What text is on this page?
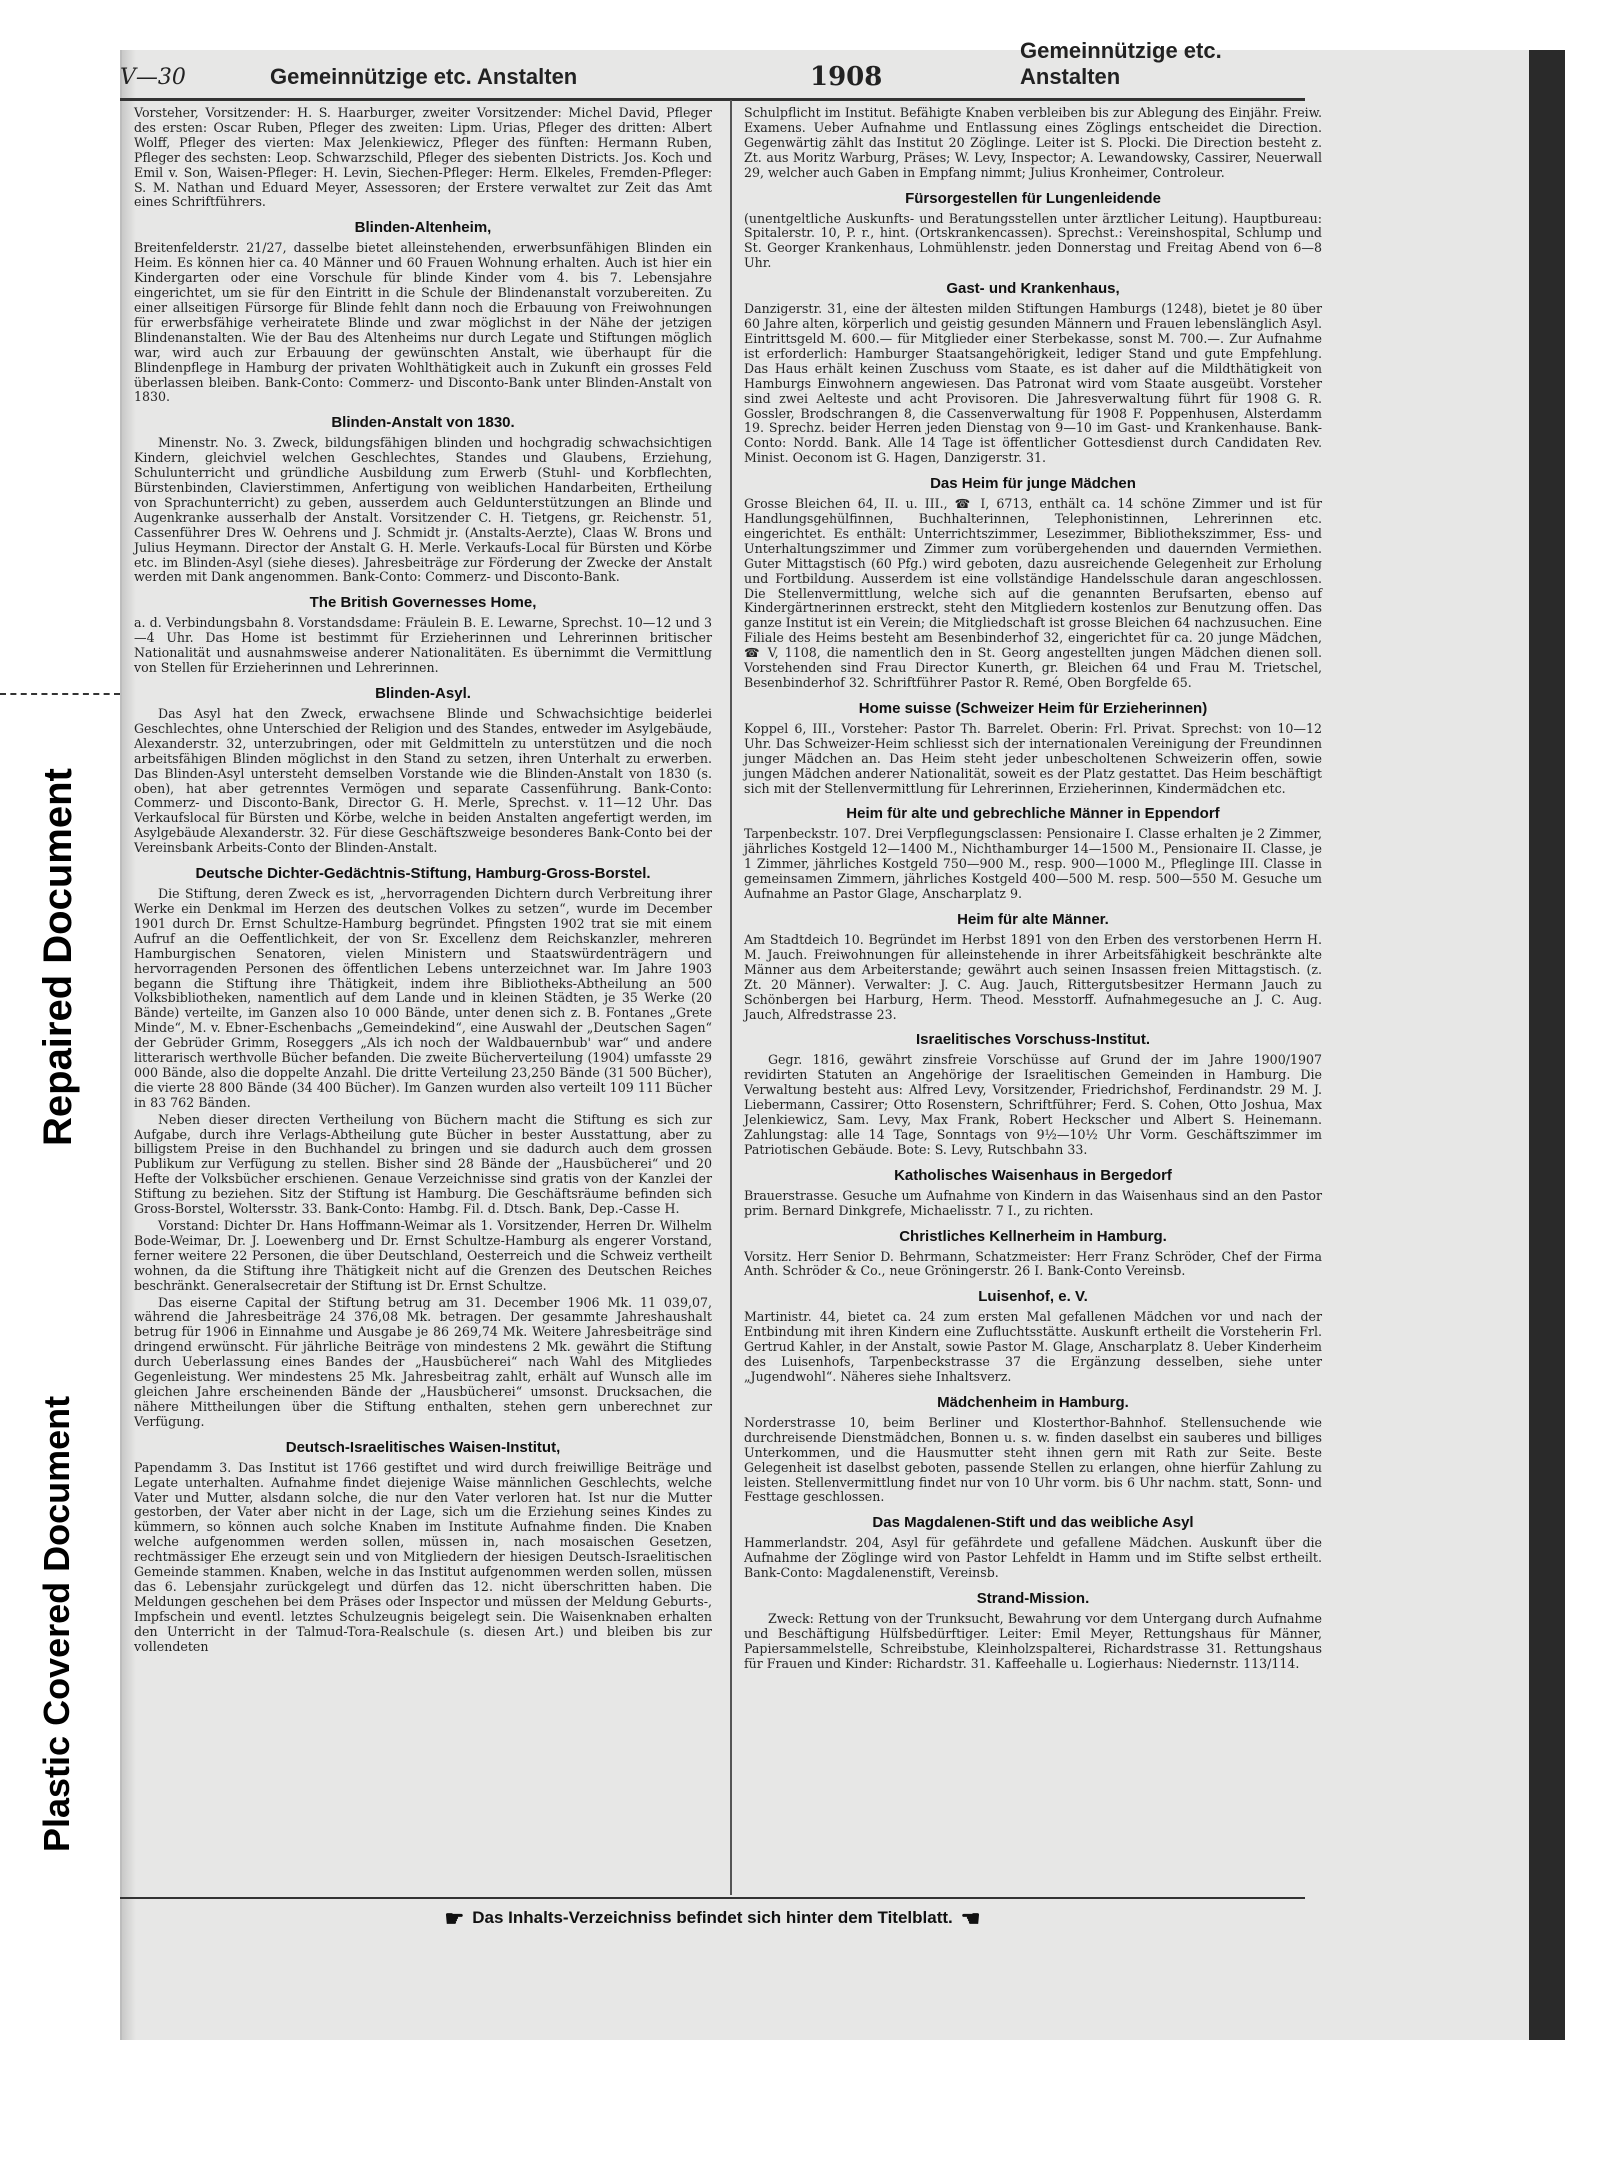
Repaired Document
Plastic Covered Document
V—30	Gemeinnützige etc. Anstalten	1908
Gemeinnützige etc. Anstalten

Vorsteher, Vorsitzender: H. S. Haarburger, zweiter Vorsitzender: Michel David, Pfleger des ersten: Oscar Ruben, Pfleger des zweiten: Lipm. Urias, Pfleger des dritten: Albert Wolff, Pfleger des vierten: Max Jelenkiewicz, Pfleger des fünften: Hermann Ruben, Pfleger des sechsten: Leop. Schwarzschild, Pfleger des siebenten Districts. Jos. Koch und Emil v. Son, Waisen-Pfleger: H. Levin, Siechen-Pfleger: Herm. Elkeles, Fremden-Pfleger: S. M. Nathan und Eduard Meyer, Assessoren; der Erstere verwaltet zur Zeit das Amt eines Schriftführers.

Blinden-Altenheim,

Breitenfelderstr. 21/27, dasselbe bietet alleinstehenden, erwerbsunfähigen Blinden ein Heim. Es können hier ca. 40 Männer und 60 Frauen Wohnung erhalten. Auch ist hier ein Kindergarten oder eine Vorschule für blinde Kinder vom 4. bis 7. Lebensjahre eingerichtet, um sie für den Eintritt in die Schule der Blindenanstalt vorzubereiten. Zu einer allseitigen Fürsorge für Blinde fehlt dann noch die Erbauung von Freiwohnungen für erwerbsfähige verheiratete Blinde und zwar möglichst in der Nähe der jetzigen Blindenanstalten. Wie der Bau des Altenheims nur durch Legate und Stiftungen möglich war, wird auch zur Erbauung der gewünschten Anstalt, wie überhaupt für die Blindenpflege in Hamburg der privaten Wohlthätigkeit auch in Zukunft ein grosses Feld überlassen bleiben. Bank-Conto: Commerz- und Disconto-Bank unter Blinden-Anstalt von 1830.

Blinden-Anstalt von 1830.

Minenstr. No. 3. Zweck, bildungsfähigen blinden und hochgradig schwachsichtigen Kindern, gleichviel welchen Geschlechtes, Standes und Glaubens, Erziehung, Schulunterricht und gründliche Ausbildung zum Erwerb (Stuhl- und Korbflechten, Bürstenbinden, Clavierstimmen, Anfertigung von weiblichen Handarbeiten, Ertheilung von Sprachunterricht) zu geben, ausserdem auch Geldunterstützungen an Blinde und Augenkranke ausserhalb der Anstalt. Vorsitzender C. H. Tietgens, gr. Reichenstr. 51, Cassenführer Dres W. Oehrens und J. Schmidt jr. (Anstalts-Aerzte), Claas W. Brons und Julius Heymann. Director der Anstalt G. H. Merle. Verkaufs-Local für Bürsten und Körbe etc. im Blinden-Asyl (siehe dieses). Jahresbeiträge zur Förderung der Zwecke der Anstalt werden mit Dank angenommen. Bank-Conto: Commerz- und Disconto-Bank.

The British Governesses Home,

a. d. Verbindungsbahn 8. Vorstandsdame: Fräulein B. E. Lewarne, Sprechst. 10—12 und 3—4 Uhr. Das Home ist bestimmt für Erzieherinnen und Lehrerinnen britischer Nationalität und ausnahmsweise anderer Nationalitäten. Es übernimmt die Vermittlung von Stellen für Erzieherinnen und Lehrerinnen.

Blinden-Asyl.

Das Asyl hat den Zweck, erwachsene Blinde und Schwachsichtige beiderlei Geschlechtes, ohne Unterschied der Religion und des Standes, entweder im Asylgebäude, Alexanderstr. 32, unterzubringen, oder mit Geldmitteln zu unterstützen und die noch arbeitsfähigen Blinden möglichst in den Stand zu setzen, ihren Unterhalt zu erwerben. Das Blinden-Asyl untersteht demselben Vorstande wie die Blinden-Anstalt von 1830 (s. oben), hat aber getrenntes Vermögen und separate Cassenführung. Bank-Conto: Commerz- und Disconto-Bank, Director G. H. Merle, Sprechst. v. 11—12 Uhr. Das Verkaufslocal für Bürsten und Körbe, welche in beiden Anstalten angefertigt werden, im Asylgebäude Alexanderstr. 32. Für diese Geschäftszweige besonderes Bank-Conto bei der Vereinsbank Arbeits-Conto der Blinden-Anstalt.

Deutsche Dichter-Gedächtnis-Stiftung, Hamburg-Gross-Borstel.

Die Stiftung, deren Zweck es ist, „hervorragenden Dichtern durch Verbreitung ihrer Werke ein Denkmal im Herzen des deutschen Volkes zu setzen“, wurde im December 1901 durch Dr. Ernst Schultze-Hamburg begründet. Pfingsten 1902 trat sie mit einem Aufruf an die Oeffentlichkeit, der von Sr. Excellenz dem Reichskanzler, mehreren Hamburgischen Senatoren, vielen Ministern und Staatswürdenträgern und hervorragenden Personen des öffentlichen Lebens unterzeichnet war. Im Jahre 1903 begann die Stiftung ihre Thätigkeit, indem ihre Bibliotheks-Abtheilung an 500 Volksbibliotheken, namentlich auf dem Lande und in kleinen Städten, je 35 Werke (20 Bände) verteilte, im Ganzen also 10 000 Bände, unter denen sich z. B. Fontanes „Grete Minde“, M. v. Ebner-Eschenbachs „Gemeindekind“, eine Auswahl der „Deutschen Sagen“ der Gebrüder Grimm, Roseggers „Als ich noch der Waldbauernbub' war“ und andere litterarisch werthvolle Bücher befanden. Die zweite Bücherverteilung (1904) umfasste 29 000 Bände, also die doppelte Anzahl. Die dritte Verteilung 23,250 Bände (31 500 Bücher), die vierte 28 800 Bände (34 400 Bücher). Im Ganzen wurden also verteilt 109 111 Bücher in 83 762 Bänden.

Neben dieser directen Vertheilung von Büchern macht die Stiftung es sich zur Aufgabe, durch ihre Verlags-Abtheilung gute Bücher in bester Ausstattung, aber zu billigstem Preise in den Buchhandel zu bringen und sie dadurch auch dem grossen Publikum zur Verfügung zu stellen. Bisher sind 28 Bände der „Hausbücherei“ und 20 Hefte der Volksbücher erschienen. Genaue Verzeichnisse sind gratis von der Kanzlei der Stiftung zu beziehen. Sitz der Stiftung ist Hamburg. Die Geschäftsräume befinden sich Gross-Borstel, Woltersstr. 33. Bank-Conto: Hambg. Fil. d. Dtsch. Bank, Dep.-Casse H.

Vorstand: Dichter Dr. Hans Hoffmann-Weimar als 1. Vorsitzender, Herren Dr. Wilhelm Bode-Weimar, Dr. J. Loewenberg und Dr. Ernst Schultze-Hamburg als engerer Vorstand, ferner weitere 22 Personen, die über Deutschland, Oesterreich und die Schweiz vertheilt wohnen, da die Stiftung ihre Thätigkeit nicht auf die Grenzen des Deutschen Reiches beschränkt. Generalsecretair der Stiftung ist Dr. Ernst Schultze.

Das eiserne Capital der Stiftung betrug am 31. December 1906 Mk. 11 039,07, während die Jahresbeiträge 24 376,08 Mk. betragen. Der gesammte Jahreshaushalt betrug für 1906 in Einnahme und Ausgabe je 86 269,74 Mk. Weitere Jahresbeiträge sind dringend erwünscht. Für jährliche Beiträge von mindestens 2 Mk. gewährt die Stiftung durch Ueberlassung eines Bandes der „Hausbücherei“ nach Wahl des Mitgliedes Gegenleistung. Wer mindestens 25 Mk. Jahresbeitrag zahlt, erhält auf Wunsch alle im gleichen Jahre erscheinenden Bände der „Hausbücherei“ umsonst. Drucksachen, die nähere Mittheilungen über die Stiftung enthalten, stehen gern unberechnet zur Verfügung.

Deutsch-Israelitisches Waisen-Institut,

Papendamm 3. Das Institut ist 1766 gestiftet und wird durch freiwillige Beiträge und Legate unterhalten. Aufnahme findet diejenige Waise männlichen Geschlechts, welche Vater und Mutter, alsdann solche, die nur den Vater verloren hat. Ist nur die Mutter gestorben, der Vater aber nicht in der Lage, sich um die Erziehung seines Kindes zu kümmern, so können auch solche Knaben im Institute Aufnahme finden. Die Knaben welche aufgenommen werden sollen, müssen in, nach mosaischen Gesetzen, rechtmässiger Ehe erzeugt sein und von Mitgliedern der hiesigen Deutsch-Israelitischen Gemeinde stammen. Knaben, welche in das Institut aufgenommen werden sollen, müssen das 6. Lebensjahr zurückgelegt und dürfen das 12. nicht überschritten haben. Die Meldungen geschehen bei dem Präses oder Inspector und müssen der Meldung Geburts-, Impfschein und eventl. letztes Schulzeugnis beigelegt sein. Die Waisenknaben erhalten den Unterricht in der Talmud-Tora-Realschule (s. diesen Art.) und bleiben bis zur vollendeten

Schulpflicht im Institut. Befähigte Knaben verbleiben bis zur Ablegung des Einjähr. Freiw. Examens. Ueber Aufnahme und Entlassung eines Zöglings entscheidet die Direction. Gegenwärtig zählt das Institut 20 Zöglinge. Leiter ist S. Plocki. Die Direction besteht z. Zt. aus Moritz Warburg, Präses; W. Levy, Inspector; A. Lewandowsky, Cassirer, Neuerwall 29, welcher auch Gaben in Empfang nimmt; Julius Kronheimer, Controleur.

Fürsorgestellen für Lungenleidende

(unentgeltliche Auskunfts- und Beratungsstellen unter ärztlicher Leitung). Hauptbureau: Spitalerstr. 10, P. r., hint. (Ortskrankencassen). Sprechst.: Vereinshospital, Schlump und St. Georger Krankenhaus, Lohmühlenstr. jeden Donnerstag und Freitag Abend von 6—8 Uhr.

Gast- und Krankenhaus,

Danzigerstr. 31, eine der ältesten milden Stiftungen Hamburgs (1248), bietet je 80 über 60 Jahre alten, körperlich und geistig gesunden Männern und Frauen lebenslänglich Asyl. Eintrittsgeld M. 600.— für Mitglieder einer Sterbekasse, sonst M. 700.—. Zur Aufnahme ist erforderlich: Hamburger Staatsangehörigkeit, lediger Stand und gute Empfehlung. Das Haus erhält keinen Zuschuss vom Staate, es ist daher auf die Mildthätigkeit von Hamburgs Einwohnern angewiesen. Das Patronat wird vom Staate ausgeübt. Vorsteher sind zwei Aelteste und acht Provisoren. Die Jahresverwaltung führt für 1908 G. R. Gossler, Brodschrangen 8, die Cassenverwaltung für 1908 F. Poppenhusen, Alsterdamm 19. Sprechz. beider Herren jeden Dienstag von 9—10 im Gast- und Krankenhause. Bank-Conto: Nordd. Bank. Alle 14 Tage ist öffentlicher Gottesdienst durch Candidaten Rev. Minist. Oeconom ist G. Hagen, Danzigerstr. 31.

Das Heim für junge Mädchen

Grosse Bleichen 64, II. u. III., ☎ I, 6713, enthält ca. 14 schöne Zimmer und ist für Handlungsgehülfinnen, Buchhalterinnen, Telephonistinnen, Lehrerinnen etc. eingerichtet. Es enthält: Unterrichtszimmer, Lesezimmer, Bibliothekszimmer, Ess- und Unterhaltungszimmer und Zimmer zum vorübergehenden und dauernden Vermiethen. Guter Mittagstisch (60 Pfg.) wird geboten, dazu ausreichende Gelegenheit zur Erholung und Fortbildung. Ausserdem ist eine vollständige Handelsschule daran angeschlossen. Die Stellenvermittlung, welche sich auf die genannten Berufsarten, ebenso auf Kindergärtnerinnen erstreckt, steht den Mitgliedern kostenlos zur Benutzung offen. Das ganze Institut ist ein Verein; die Mitgliedschaft ist grosse Bleichen 64 nachzusuchen. Eine Filiale des Heims besteht am Besenbinderhof 32, eingerichtet für ca. 20 junge Mädchen, ☎ V, 1108, die namentlich den in St. Georg angestellten jungen Mädchen dienen soll. Vorstehenden sind Frau Director Kunerth, gr. Bleichen 64 und Frau M. Trietschel, Besenbinderhof 32. Schriftführer Pastor R. Remé, Oben Borgfelde 65.

Home suisse (Schweizer Heim für Erzieherinnen)

Koppel 6, III., Vorsteher: Pastor Th. Barrelet. Oberin: Frl. Privat. Sprechst: von 10—12 Uhr. Das Schweizer-Heim schliesst sich der internationalen Vereinigung der Freundinnen junger Mädchen an. Das Heim steht jeder unbescholtenen Schweizerin offen, sowie jungen Mädchen anderer Nationalität, soweit es der Platz gestattet. Das Heim beschäftigt sich mit der Stellenvermittlung für Lehrerinnen, Erzieherinnen, Kindermädchen etc.

Heim für alte und gebrechliche Männer in Eppendorf

Tarpenbeckstr. 107. Drei Verpflegungsclassen: Pensionaire I. Classe erhalten je 2 Zimmer, jährliches Kostgeld 12—1400 M., Nichthamburger 14—1500 M., Pensionaire II. Classe, je 1 Zimmer, jährliches Kostgeld 750—900 M., resp. 900—1000 M., Pfleglinge III. Classe in gemeinsamen Zimmern, jährliches Kostgeld 400—500 M. resp. 500—550 M. Gesuche um Aufnahme an Pastor Glage, Anscharplatz 9.

Heim für alte Männer.

Am Stadtdeich 10. Begründet im Herbst 1891 von den Erben des verstorbenen Herrn H. M. Jauch. Freiwohnungen für alleinstehende in ihrer Arbeitsfähigkeit beschränkte alte Männer aus dem Arbeiterstande; gewährt auch seinen Insassen freien Mittagstisch. (z. Zt. 20 Männer). Verwalter: J. C. Aug. Jauch, Rittergutsbesitzer Hermann Jauch zu Schönbergen bei Harburg, Herm. Theod. Messtorff. Aufnahmegesuche an J. C. Aug. Jauch, Alfredstrasse 23.

Israelitisches Vorschuss-Institut.

Gegr. 1816, gewährt zinsfreie Vorschüsse auf Grund der im Jahre 1900/1907 revidirten Statuten an Angehörige der Israelitischen Gemeinden in Hamburg. Die Verwaltung besteht aus: Alfred Levy, Vorsitzender, Friedrichshof, Ferdinandstr. 29 M. J. Liebermann, Cassirer; Otto Rosenstern, Schriftführer; Ferd. S. Cohen, Otto Joshua, Max Jelenkiewicz, Sam. Levy, Max Frank, Robert Heckscher und Albert S. Heinemann. Zahlungstag: alle 14 Tage, Sonntags von 9½—10½ Uhr Vorm. Geschäftszimmer im Patriotischen Gebäude. Bote: S. Levy, Rutschbahn 33.

Katholisches Waisenhaus in Bergedorf

Brauerstrasse. Gesuche um Aufnahme von Kindern in das Waisenhaus sind an den Pastor prim. Bernard Dinkgrefe, Michaelisstr. 7 I., zu richten.

Christliches Kellnerheim in Hamburg.

Vorsitz. Herr Senior D. Behrmann, Schatzmeister: Herr Franz Schröder, Chef der Firma Anth. Schröder & Co., neue Gröningerstr. 26 I. Bank-Conto Vereinsb.

Luisenhof, e. V.

Martinistr. 44, bietet ca. 24 zum ersten Mal gefallenen Mädchen vor und nach der Entbindung mit ihren Kindern eine Zufluchtsstätte. Auskunft ertheilt die Vorsteherin Frl. Gertrud Kahler, in der Anstalt, sowie Pastor M. Glage, Anscharplatz 8. Ueber Kinderheim des Luisenhofs, Tarpenbeckstrasse 37 die Ergänzung desselben, siehe unter „Jugendwohl“. Näheres siehe Inhaltsverz.

Mädchenheim in Hamburg.

Norderstrasse 10, beim Berliner und Klosterthor-Bahnhof. Stellensuchende wie durchreisende Dienstmädchen, Bonnen u. s. w. finden daselbst ein sauberes und billiges Unterkommen, und die Hausmutter steht ihnen gern mit Rath zur Seite. Beste Gelegenheit ist daselbst geboten, passende Stellen zu erlangen, ohne hierfür Zahlung zu leisten. Stellenvermittlung findet nur von 10 Uhr vorm. bis 6 Uhr nachm. statt, Sonn- und Festtage geschlossen.

Das Magdalenen-Stift und das weibliche Asyl

Hammerlandstr. 204, Asyl für gefährdete und gefallene Mädchen. Auskunft über die Aufnahme der Zöglinge wird von Pastor Lehfeldt in Hamm und im Stifte selbst ertheilt. Bank-Conto: Magdalenenstift, Vereinsb.

Strand-Mission.

Zweck: Rettung von der Trunksucht, Bewahrung vor dem Untergang durch Aufnahme und Beschäftigung Hülfsbedürftiger. Leiter: Emil Meyer, Rettungshaus für Männer, Papiersammelstelle, Schreibstube, Kleinholzspalterei, Richardstrasse 31. Rettungshaus für Frauen und Kinder: Richardstr. 31. Kaffeehalle u. Logierhaus: Niedernstr. 113/114.

☛ Das Inhalts-Verzeichniss befindet sich hinter dem Titelblatt. ☚
